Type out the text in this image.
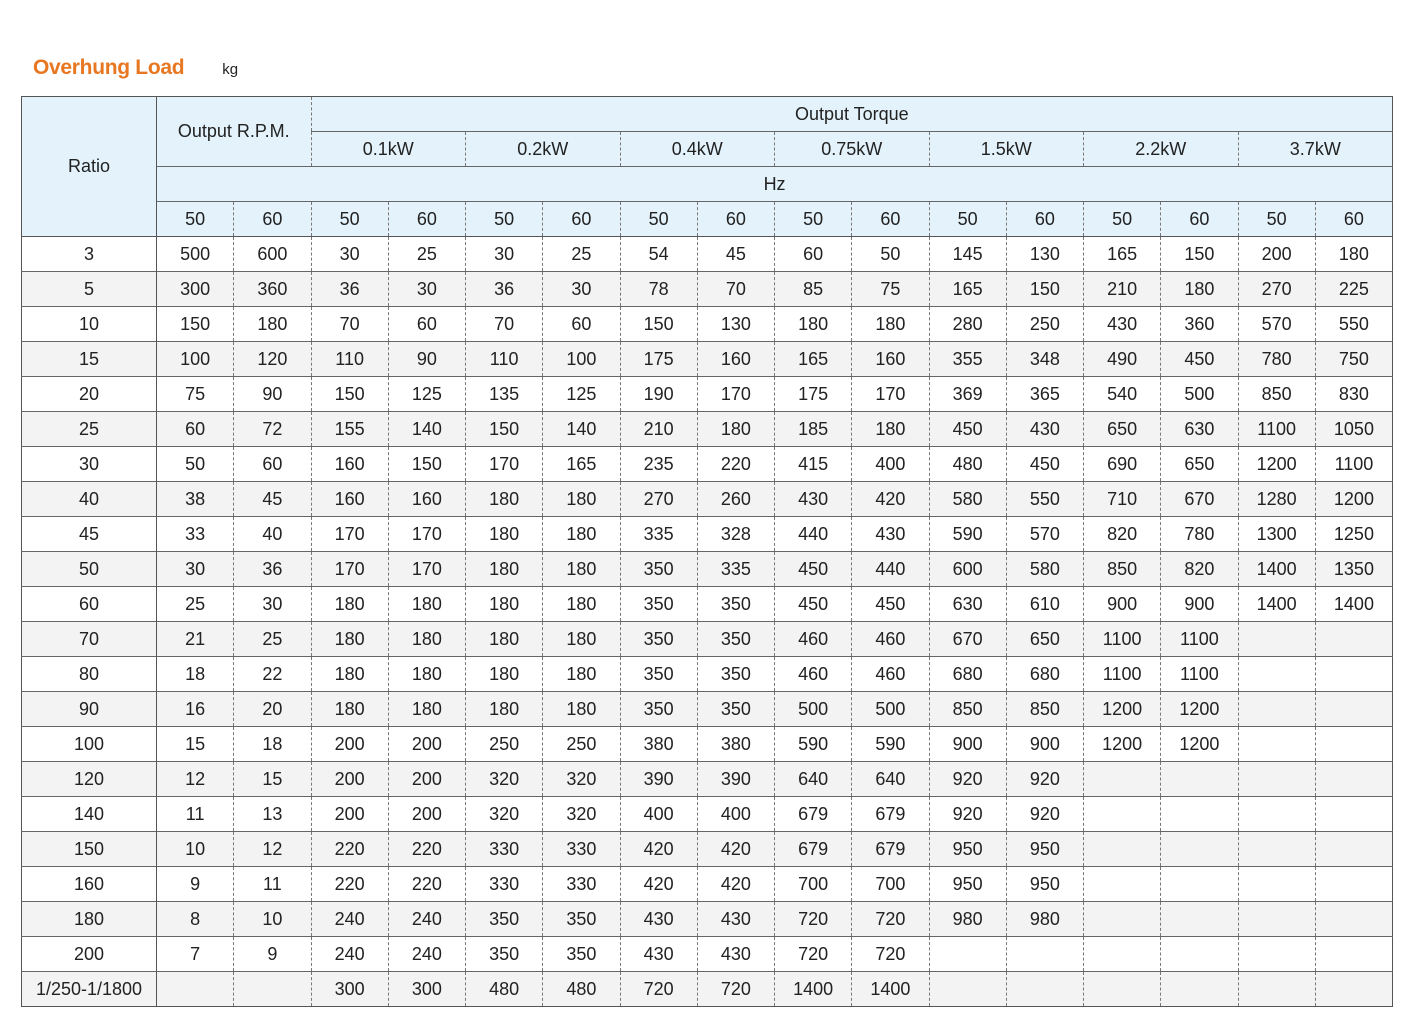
Overhung Load	kg
Ratio	Output R.P.M.		Output Torque													
			0.1kW		0.2kW		0.4kW		0.75kW		1.5kW		2.2kW		3.7kW	
	Hz															
	50	60	50	60	50	60	50	60	50	60	50	60	50	60	50	60
3	500	600	30	25	30	25	54	45	60	50	145	130	165	150	200	180
5	300	360	36	30	36	30	78	70	85	75	165	150	210	180	270	225
10	150	180	70	60	70	60	150	130	180	180	280	250	430	360	570	550
15	100	120	110	90	110	100	175	160	165	160	355	348	490	450	780	750
20	75	90	150	125	135	125	190	170	175	170	369	365	540	500	850	830
25	60	72	155	140	150	140	210	180	185	180	450	430	650	630	1100	1050
30	50	60	160	150	170	165	235	220	415	400	480	450	690	650	1200	1100
40	38	45	160	160	180	180	270	260	430	420	580	550	710	670	1280	1200
45	33	40	170	170	180	180	335	328	440	430	590	570	820	780	1300	1250
50	30	36	170	170	180	180	350	335	450	440	600	580	850	820	1400	1350
60	25	30	180	180	180	180	350	350	450	450	630	610	900	900	1400	1400
70	21	25	180	180	180	180	350	350	460	460	670	650	1100	1100		
80	18	22	180	180	180	180	350	350	460	460	680	680	1100	1100		
90	16	20	180	180	180	180	350	350	500	500	850	850	1200	1200		
100	15	18	200	200	250	250	380	380	590	590	900	900	1200	1200		
120	12	15	200	200	320	320	390	390	640	640	920	920				
140	11	13	200	200	320	320	400	400	679	679	920	920				
150	10	12	220	220	330	330	420	420	679	679	950	950				
160	9	11	220	220	330	330	420	420	700	700	950	950				
180	8	10	240	240	350	350	430	430	720	720	980	980				
200	7	9	240	240	350	350	430	430	720	720						
1/250-1/1800			300	300	480	480	720	720	1400	1400						
